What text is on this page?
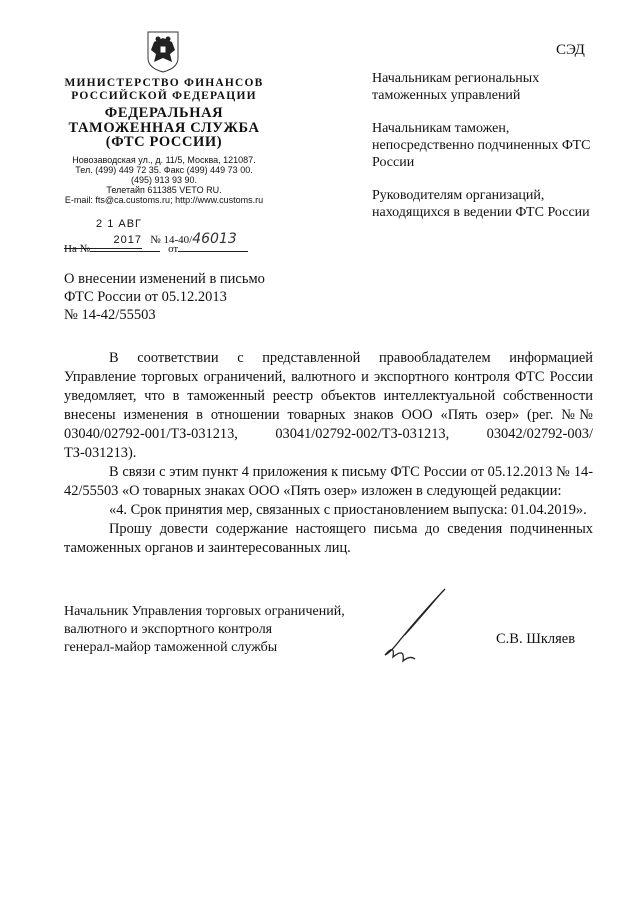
СЭД
МИНИСТЕРСТВО ФИНАНСОВ
РОССИЙСКОЙ ФЕДЕРАЦИИ
ФЕДЕРАЛЬНАЯ
ТАМОЖЕННАЯ СЛУЖБА
(ФТС РОССИИ)
Новозаводская ул., д. 11/5, Москва, 121087.
Тел. (499) 449 72 35. Факс (499) 449 73 00.
(495) 913 93 90.
Телетайп 611385 VETO RU.
E-mail: fts@ca.customs.ru; http://www.customs.ru
2 1 АВГ 2017 № 14-40/46013
На №	от

Начальникам региональных таможенных управлений

Начальникам таможен, непосредственно подчиненных ФТС России

Руководителям организаций, находящихся в ведении ФТС России

О внесении изменений в письмо
ФТС России от 05.12.2013
№ 14-42/55503

В соответствии с представленной правообладателем информацией Управление торговых ограничений, валютного и экспортного контроля ФТС России уведомляет, что в таможенный реестр объектов интеллектуальной собственности внесены изменения в отношении товарных знаков ООО «Пять озер» (рег. №№ 03040/02792-001/ТЗ-031213, 03041/02792-002/ТЗ-031213, 03042/02792-003/ТЗ-031213).

В связи с этим пункт 4 приложения к письму ФТС России от 05.12.2013 № 14-42/55503 «О товарных знаках ООО «Пять озер» изложен в следующей редакции:

«4. Срок принятия мер, связанных с приостановлением выпуска: 01.04.2019».

Прошу довести содержание настоящего письма до сведения подчиненных таможенных органов и заинтересованных лиц.

Начальник Управления торговых ограничений,
валютного и экспортного контроля
генерал-майор таможенной службы
С.В. Шкляев
